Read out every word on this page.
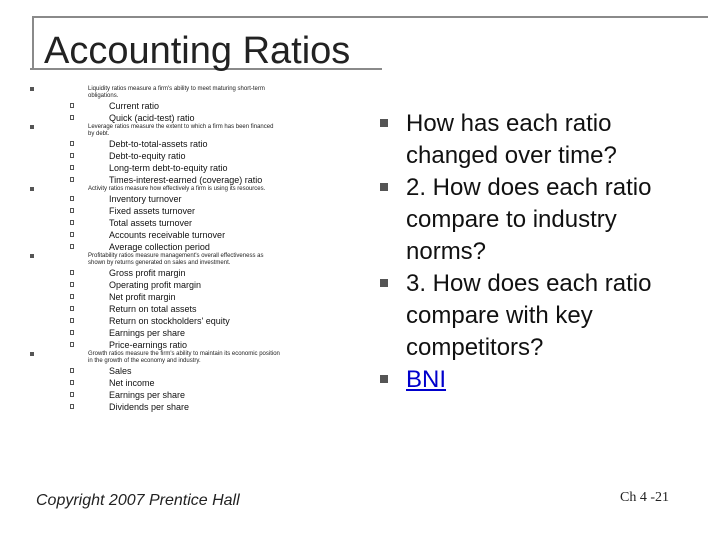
Accounting Ratios
Liquidity ratios measure a firm's ability to meet maturing short-term
obligations.
Current ratio
Quick (acid-test) ratio
Leverage ratios measure the extent to which a firm has been financed
by debt.
Debt-to-total-assets ratio
Debt-to-equity ratio
Long-term debt-to-equity ratio
Times-interest-earned (coverage) ratio
Activity ratios measure how effectively a firm is using its resources.
Inventory turnover
Fixed assets turnover
Total assets turnover
Accounts receivable turnover
Average collection period
Profitability ratios measure management's overall effectiveness as
shown by returns generated on sales and investment.
Gross profit margin
Operating profit margin
Net profit margin
Return on total assets
Return on stockholders' equity
Earnings per share
Price-earnings ratio
Growth ratios measure the firm's ability to maintain its economic position
in the growth of the economy and industry.
Sales
Net income
Earnings per share
Dividends per share
How has each ratio changed over time?
2. How does each ratio compare to industry norms?
3. How does each ratio compare with key competitors?
BNI
Copyright 2007 Prentice Hall	Ch 4 -21
